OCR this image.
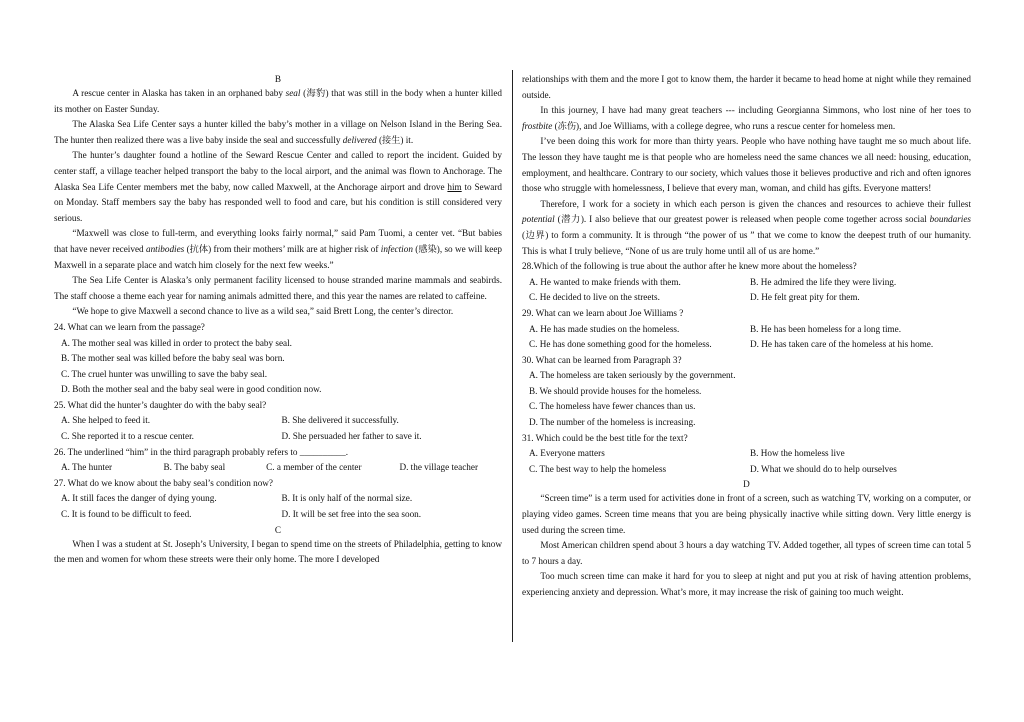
B

A rescue center in Alaska has taken in an orphaned baby seal (海豹) that was still in the body when a hunter killed its mother on Easter Sunday.

The Alaska Sea Life Center says a hunter killed the baby’s mother in a village on Nelson Island in the Bering Sea. The hunter then realized there was a live baby inside the seal and successfully delivered (接生) it.

The hunter’s daughter found a hotline of the Seward Rescue Center and called to report the incident. Guided by center staff, a village teacher helped transport the baby to the local airport, and the animal was flown to Anchorage. The Alaska Sea Life Center members met the baby, now called Maxwell, at the Anchorage airport and drove him to Seward on Monday. Staff members say the baby has responded well to food and care, but his condition is still considered very serious.

“Maxwell was close to full-term, and everything looks fairly normal,” said Pam Tuomi, a center vet. “But babies that have never received antibodies (抗体) from their mothers’ milk are at higher risk of infection (感染), so we will keep Maxwell in a separate place and watch him closely for the next few weeks.”

The Sea Life Center is Alaska’s only permanent facility licensed to house stranded marine mammals and seabirds. The staff choose a theme each year for naming animals admitted there, and this year the names are related to caffeine.

“We hope to give Maxwell a second chance to live as a wild sea,” said Brett Long, the center’s director.

24. What can we learn from the passage?

A. The mother seal was killed in order to protect the baby seal.
B. The mother seal was killed before the baby seal was born.
C. The cruel hunter was unwilling to save the baby seal.
D. Both the mother seal and the baby seal were in good condition now.

25. What did the hunter’s daughter do with the baby seal?

A. She helped to feed it.	B. She delivered it successfully.
C. She reported it to a rescue center.	D. She persuaded her father to save it.

26. The underlined “him” in the third paragraph probably refers to __________.

A. The hunter	B. The baby seal	C. a member of the center	D. the village teacher

27. What do we know about the baby seal’s condition now?

A. It still faces the danger of dying young.	B. It is only half of the normal size.
C. It is found to be difficult to feed.	D. It will be set free into the sea soon.
C

When I was a student at St. Joseph’s University, I began to spend time on the streets of Philadelphia, getting to know the men and women for whom these streets were their only home. The more I developed

relationships with them and the more I got to know them, the harder it became to head home at night while they remained outside.

In this journey, I have had many great teachers --- including Georgianna Simmons, who lost nine of her toes to frostbite (冻伤), and Joe Williams, with a college degree, who runs a rescue center for homeless men.

I’ve been doing this work for more than thirty years. People who have nothing have taught me so much about life. The lesson they have taught me is that people who are homeless need the same chances we all need: housing, education, employment, and healthcare. Contrary to our society, which values those it believes productive and rich and often ignores those who struggle with homelessness, I believe that every man, woman, and child has gifts. Everyone matters!

Therefore, I work for a society in which each person is given the chances and resources to achieve their fullest potential (潜力). I also believe that our greatest power is released when people come together across social boundaries (边界) to form a community. It is through “the power of us ” that we come to know the deepest truth of our humanity. This is what I truly believe, “None of us are truly home until all of us are home.”

28.Which of the following is true about the author after he knew more about the homeless?

A. He wanted to make friends with them.	B. He admired the life they were living.
C. He decided to live on the streets.	D. He felt great pity for them.

29. What can we learn about Joe Williams ?

A. He has made studies on the homeless.	B. He has been homeless for a long time.
C. He has done something good for the homeless.	D. He has taken care of the homeless at his home.

30. What can be learned from Paragraph 3?

A. The homeless are taken seriously by the government.
B. We should provide houses for the homeless.
C. The homeless have fewer chances than us.
D. The number of the homeless is increasing.

31. Which could be the best title for the text?

A. Everyone matters	B. How the homeless live
C. The best way to help the homeless	D. What we should do to help ourselves
D

“Screen time” is a term used for activities done in front of a screen, such as watching TV, working on a computer, or playing video games. Screen time means that you are being physically inactive while sitting down. Very little energy is used during the screen time.

Most American children spend about 3 hours a day watching TV. Added together, all types of screen time can total 5 to 7 hours a day.

Too much screen time can make it hard for you to sleep at night and put you at risk of having attention problems, experiencing anxiety and depression. What’s more, it may increase the risk of gaining too much weight.
